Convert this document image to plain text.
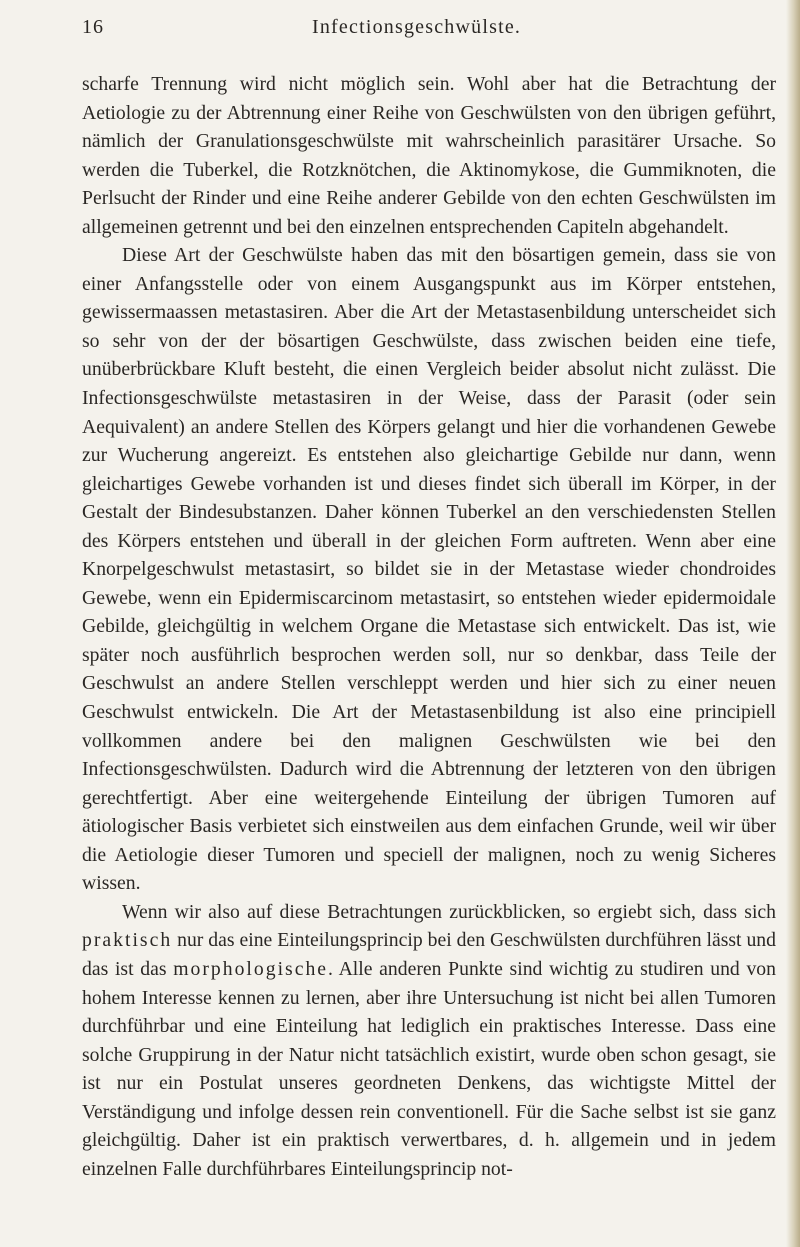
16	Infectionsgeschwülste.

scharfe Trennung wird nicht möglich sein. Wohl aber hat die Betrachtung der Aetiologie zu der Abtrennung einer Reihe von Geschwülsten von den übrigen geführt, nämlich der Granulationsgeschwülste mit wahrscheinlich parasitärer Ursache. So werden die Tuberkel, die Rotzknötchen, die Aktinomykose, die Gummiknoten, die Perlsucht der Rinder und eine Reihe anderer Gebilde von den echten Geschwülsten im allgemeinen getrennt und bei den einzelnen entsprechenden Capiteln abgehandelt.

Diese Art der Geschwülste haben das mit den bösartigen gemein, dass sie von einer Anfangsstelle oder von einem Ausgangspunkt aus im Körper entstehen, gewissermaassen metastasiren. Aber die Art der Metastasenbildung unterscheidet sich so sehr von der der bösartigen Geschwülste, dass zwischen beiden eine tiefe, unüberbrückbare Kluft besteht, die einen Vergleich beider absolut nicht zulässt. Die Infectionsgeschwülste metastasiren in der Weise, dass der Parasit (oder sein Aequivalent) an andere Stellen des Körpers gelangt und hier die vorhandenen Gewebe zur Wucherung angereizt. Es entstehen also gleichartige Gebilde nur dann, wenn gleichartiges Gewebe vorhanden ist und dieses findet sich überall im Körper, in der Gestalt der Bindesubstanzen. Daher können Tuberkel an den verschiedensten Stellen des Körpers entstehen und überall in der gleichen Form auftreten. Wenn aber eine Knorpelgeschwulst metastasirt, so bildet sie in der Metastase wieder chondroides Gewebe, wenn ein Epidermiscarcinom metastasirt, so entstehen wieder epidermoidale Gebilde, gleichgültig in welchem Organe die Metastase sich entwickelt. Das ist, wie später noch ausführlich besprochen werden soll, nur so denkbar, dass Teile der Geschwulst an andere Stellen verschleppt werden und hier sich zu einer neuen Geschwulst entwickeln. Die Art der Metastasenbildung ist also eine principiell vollkommen andere bei den malignen Geschwülsten wie bei den Infectionsgeschwülsten. Dadurch wird die Abtrennung der letzteren von den übrigen gerechtfertigt. Aber eine weitergehende Einteilung der übrigen Tumoren auf ätiologischer Basis verbietet sich einstweilen aus dem einfachen Grunde, weil wir über die Aetiologie dieser Tumoren und speciell der malignen, noch zu wenig Sicheres wissen.

Wenn wir also auf diese Betrachtungen zurückblicken, so ergiebt sich, dass sich praktisch nur das eine Einteilungsprincip bei den Geschwülsten durchführen lässt und das ist das morphologische. Alle anderen Punkte sind wichtig zu studiren und von hohem Interesse kennen zu lernen, aber ihre Untersuchung ist nicht bei allen Tumoren durchführbar und eine Einteilung hat lediglich ein praktisches Interesse. Dass eine solche Gruppirung in der Natur nicht tatsächlich existirt, wurde oben schon gesagt, sie ist nur ein Postulat unseres geordneten Denkens, das wichtigste Mittel der Verständigung und infolge dessen rein conventionell. Für die Sache selbst ist sie ganz gleichgültig. Daher ist ein praktisch verwertbares, d. h. allgemein und in jedem einzelnen Falle durchführbares Einteilungsprincip not-
